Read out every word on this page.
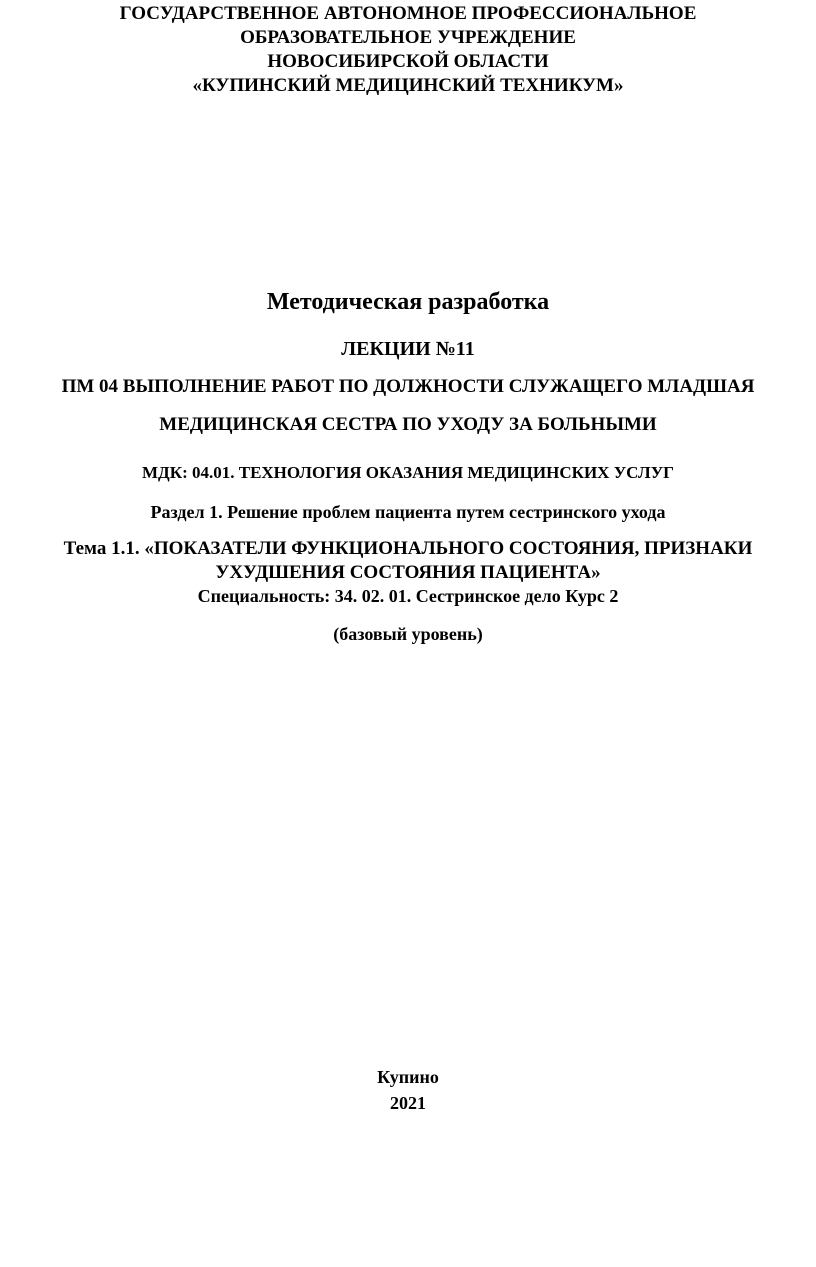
ГОСУДАРСТВЕННОЕ АВТОНОМНОЕ ПРОФЕССИОНАЛЬНОЕ
ОБРАЗОВАТЕЛЬНОЕ УЧРЕЖДЕНИЕ
НОВОСИБИРСКОЙ ОБЛАСТИ
«КУПИНСКИЙ МЕДИЦИНСКИЙ ТЕХНИКУМ»
Методическая разработка
ЛЕКЦИИ №11
ПМ 04 ВЫПОЛНЕНИЕ РАБОТ ПО ДОЛЖНОСТИ СЛУЖАЩЕГО МЛАДШАЯ
МЕДИЦИНСКАЯ СЕСТРА ПО УХОДУ ЗА БОЛЬНЫМИ
МДК: 04.01. ТЕХНОЛОГИЯ ОКАЗАНИЯ МЕДИЦИНСКИХ УСЛУГ
Раздел 1. Решение проблем пациента путем сестринского ухода
Тема 1.1. «ПОКАЗАТЕЛИ ФУНКЦИОНАЛЬНОГО СОСТОЯНИЯ, ПРИЗНАКИ
УХУДШЕНИЯ СОСТОЯНИЯ ПАЦИЕНТА»
Специальность: 34. 02. 01. Сестринское дело Курс 2
(базовый уровень)
Купино
2021
